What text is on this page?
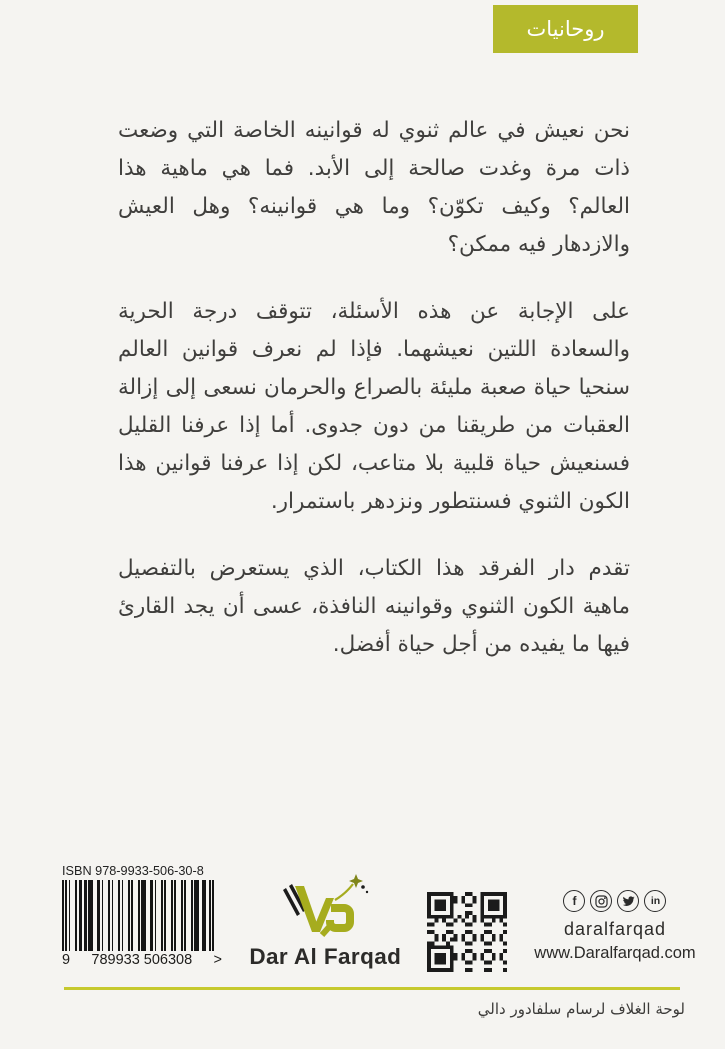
روحانيات

نحن نعيش في عالم ثنوي له قوانينه الخاصة التي وضعت ذات مرة وغدت صالحة إلى الأبد. فما هي ماهية هذا العالم؟ وكيف تكوّن؟ وما هي قوانينه؟ وهل العيش والازدهار فيه ممكن؟

على الإجابة عن هذه الأسئلة، تتوقف درجة الحرية والسعادة اللتين نعيشهما. فإذا لم نعرف قوانين العالم سنحيا حياة صعبة مليئة بالصراع والحرمان نسعى إلى إزالة العقبات من طريقنا من دون جدوى. أما إذا عرفنا القليل فسنعيش حياة قلبية بلا متاعب، لكن إذا عرفنا قوانين هذا الكون الثنوي فسنتطور ونزدهر باستمرار.

تقدم دار الفرقد هذا الكتاب، الذي يستعرض بالتفصيل ماهية الكون الثنوي وقوانينه النافذة، عسى أن يجد القارئ فيها ما يفيده من أجل حياة أفضل.

ISBN 978-9933-506-30-8
9 789933 506308 > Dar Al Farqad
f	in
daralfarqad
www.Daralfarqad.com
لوحة الغلاف لرسام سلفادور دالي
